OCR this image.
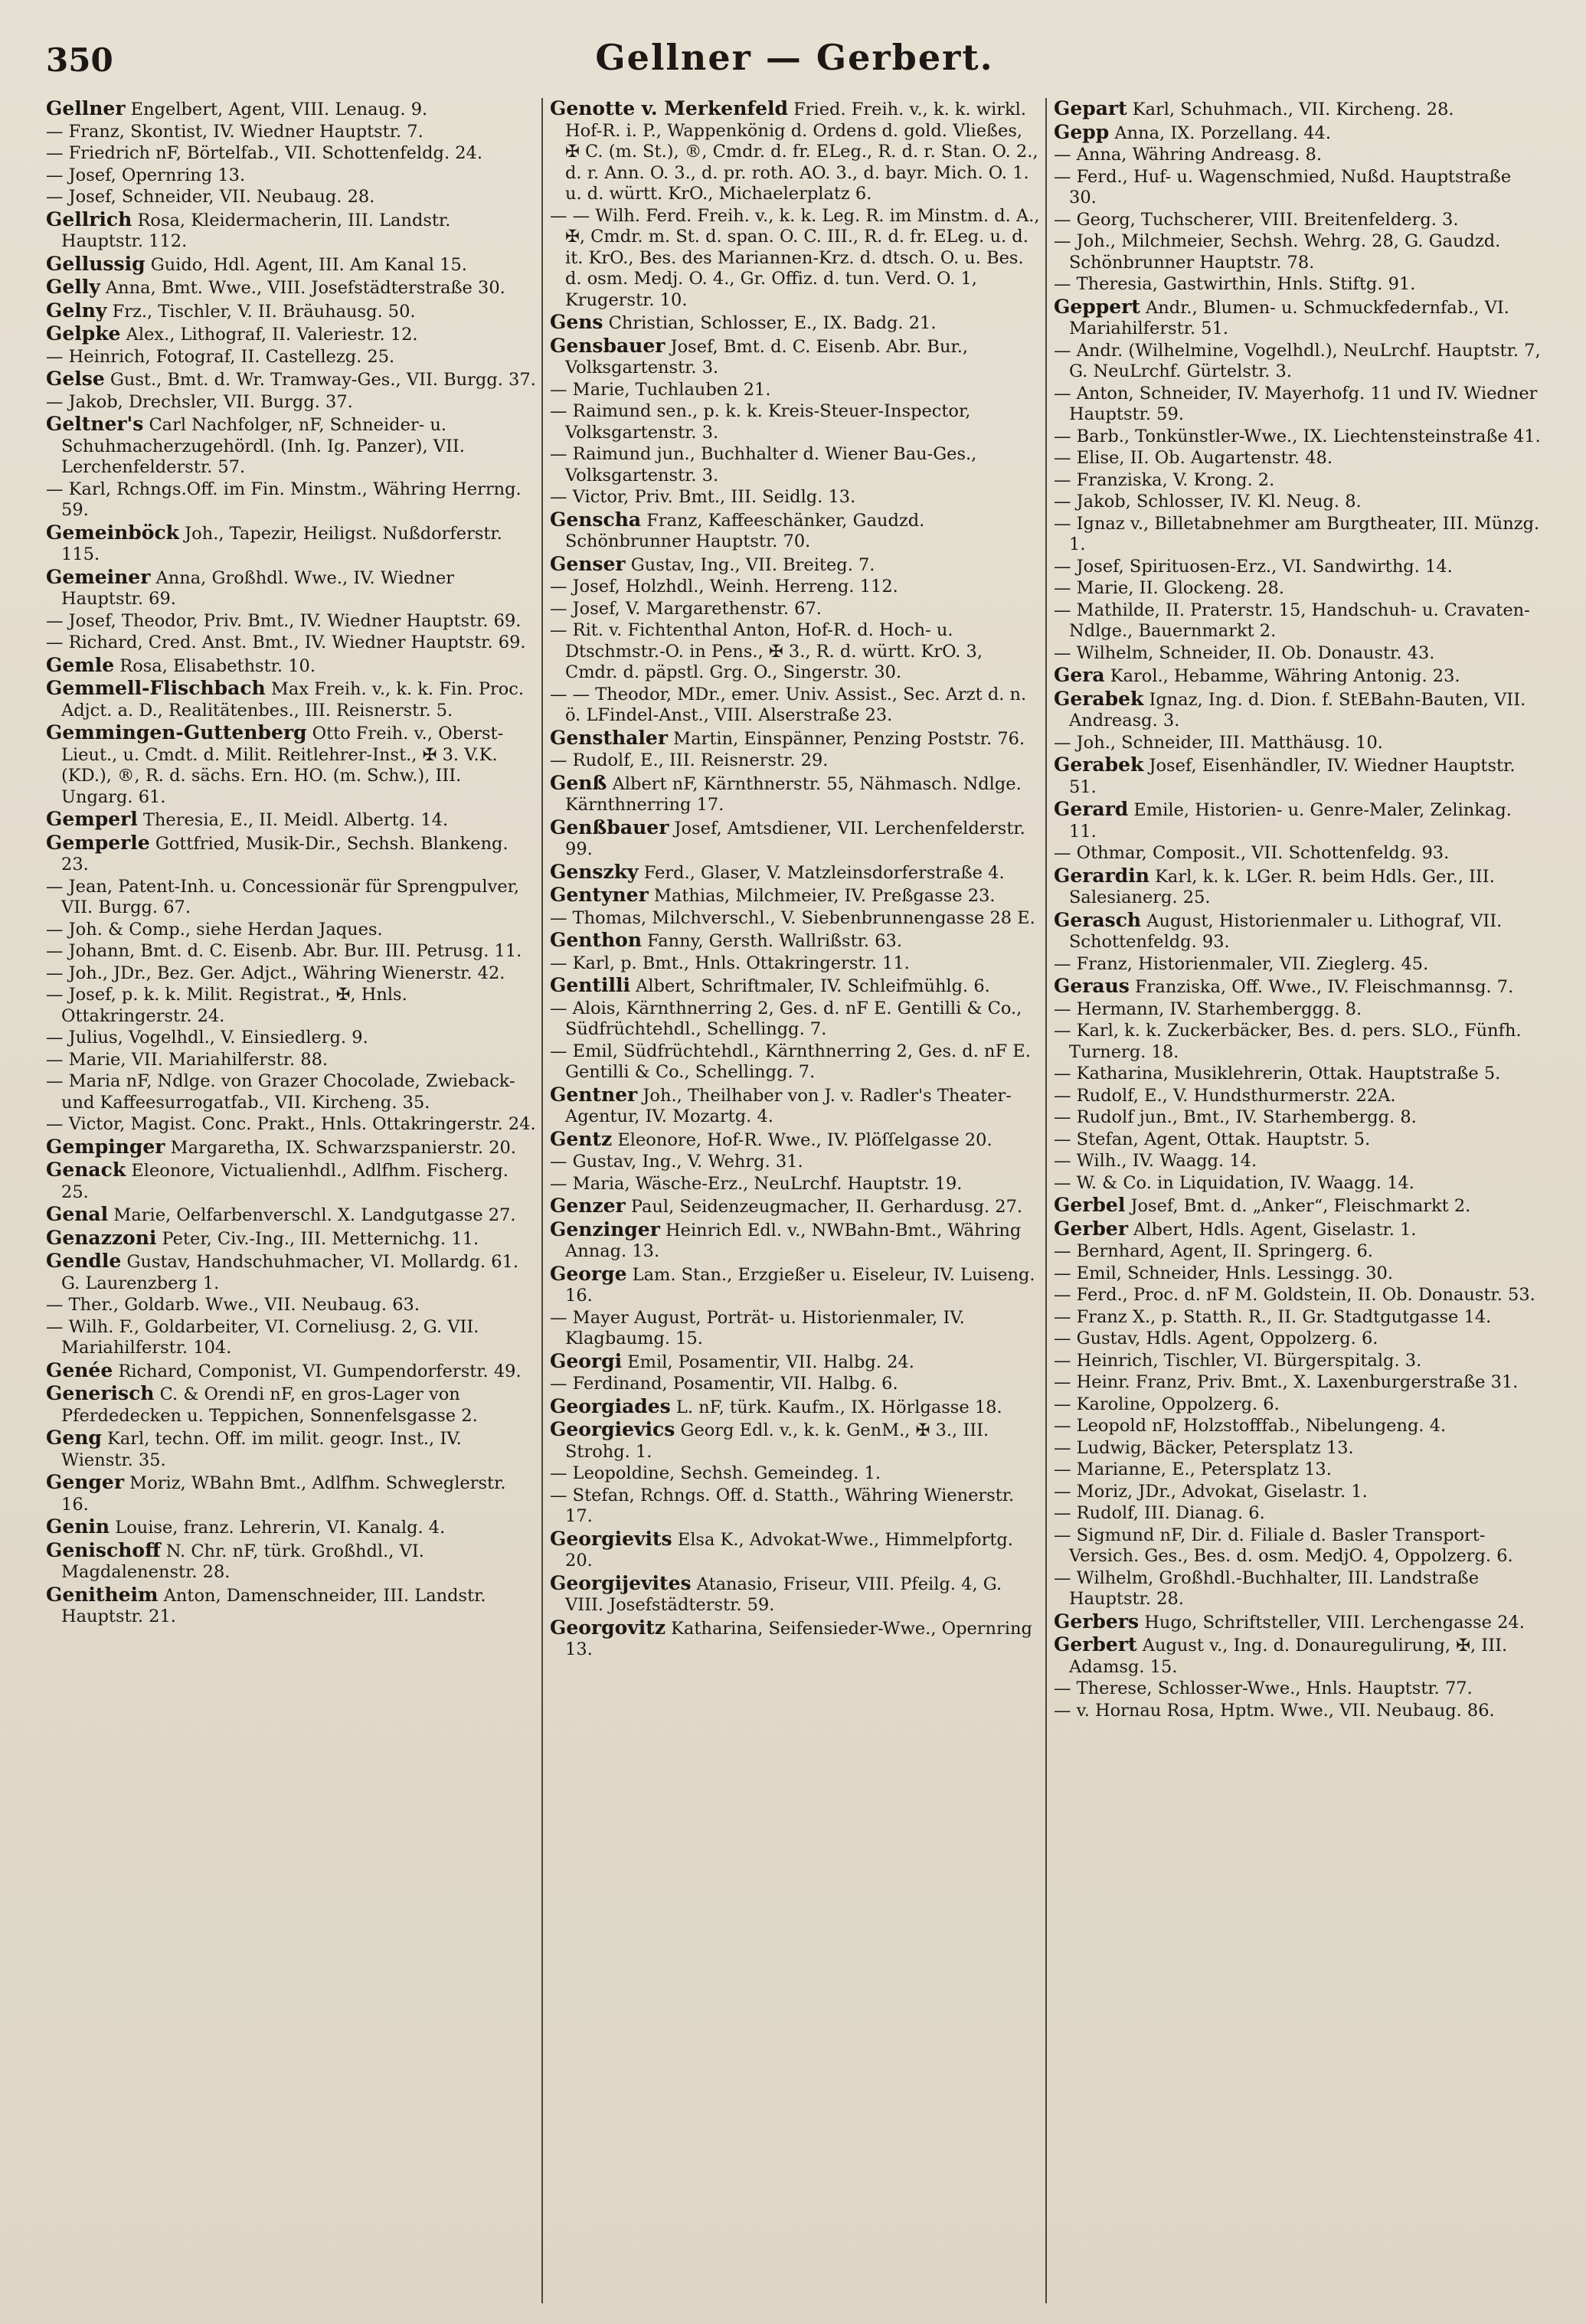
350	Gellner — Gerbert.
Gellner Engelbert, Agent, VIII. Lenaug. 9.
— Franz, Skontist, IV. Wiedner Hauptstr. 7.
— Friedrich nF, Börtelfab., VII. Schottenfeldg. 24.
— Josef, Opernring 13.
— Josef, Schneider, VII. Neubaug. 28.
Gellrich Rosa, Kleidermacherin, III. Landstr. Hauptstr. 112.
Gellussig Guido, Hdl. Agent, III. Am Kanal 15.
Gelly Anna, Bmt. Wwe., VIII. Josefstädterstraße 30.
Gelny Frz., Tischler, V. II. Bräuhausg. 50.
Gelpke Alex., Lithograf, II. Valeriestr. 12.
— Heinrich, Fotograf, II. Castellezg. 25.
Gelse Gust., Bmt. d. Wr. Tramway-Ges., VII. Burgg. 37.
— Jakob, Drechsler, VII. Burgg. 37.
Geltner's Carl Nachfolger, nF, Schneider- u. Schuhmacherzugehördl. (Inh. Ig. Panzer), VII. Lerchenfelderstr. 57.
— Karl, Rchngs.Off. im Fin. Minstm., Währing Herrng. 59.
Gemeinböck Joh., Tapezir, Heiligst. Nußdorferstr. 115.
Gemeiner Anna, Großhdl. Wwe., IV. Wiedner Hauptstr. 69.
— Josef, Theodor, Priv. Bmt., IV. Wiedner Hauptstr. 69.
— Richard, Cred. Anst. Bmt., IV. Wiedner Hauptstr. 69.
Gemle Rosa, Elisabethstr. 10.
Gemmell-Flischbach Max Freih. v., k. k. Fin. Proc. Adjct. a. D., Realitätenbes., III. Reisnerstr. 5.
Gemmingen-Guttenberg Otto Freih. v., Oberst-Lieut., u. Cmdt. d. Milit. Reitlehrer-Inst., ✠ 3. V.K. (KD.), ®, R. d. sächs. Ern. HO. (m. Schw.), III. Ungarg. 61.
Gemperl Theresia, E., II. Meidl. Albertg. 14.
Gemperle Gottfried, Musik-Dir., Sechsh. Blankeng. 23.
— Jean, Patent-Inh. u. Concessionär für Sprengpulver, VII. Burgg. 67.
— Joh. & Comp., siehe Herdan Jaques.
— Johann, Bmt. d. C. Eisenb. Abr. Bur. III. Petrusg. 11.
— Joh., JDr., Bez. Ger. Adjct., Währing Wienerstr. 42.
— Josef, p. k. k. Milit. Registrat., ✠, Hnls. Ottakringerstr. 24.
— Julius, Vogelhdl., V. Einsiedlerg. 9.
— Marie, VII. Mariahilferstr. 88.
— Maria nF, Ndlge. von Grazer Chocolade, Zwieback- und Kaffeesurrogatfab., VII. Kircheng. 35.
— Victor, Magist. Conc. Prakt., Hnls. Ottakringerstr. 24.
Gempinger Margaretha, IX. Schwarzspanierstr. 20.
Genack Eleonore, Victualienhdl., Adlfhm. Fischerg. 25.
Genal Marie, Oelfarbenverschl. X. Landgutgasse 27.
Genazzoni Peter, Civ.-Ing., III. Metternichg. 11.
Gendle Gustav, Handschuhmacher, VI. Mollardg. 61. G. Laurenzberg 1.
— Ther., Goldarb. Wwe., VII. Neubaug. 63.
— Wilh. F., Goldarbeiter, VI. Corneliusg. 2, G. VII. Mariahilferstr. 104.
Genée Richard, Componist, VI. Gumpendorferstr. 49.
Generisch C. & Orendi nF, en gros-Lager von Pferdedecken u. Teppichen, Sonnenfelsgasse 2.
Geng Karl, techn. Off. im milit. geogr. Inst., IV. Wienstr. 35.
Genger Moriz, WBahn Bmt., Adlfhm. Schweglerstr. 16.
Genin Louise, franz. Lehrerin, VI. Kanalg. 4.
Genischoff N. Chr. nF, türk. Großhdl., VI. Magdalenenstr. 28.
Genitheim Anton, Damenschneider, III. Landstr. Hauptstr. 21.
Genotte v. Merkenfeld Fried. Freih. v., k. k. wirkl. Hof-R. i. P., Wappenkönig d. Ordens d. gold. Vließes, ✠ C. (m. St.), ®, Cmdr. d. fr. ELeg., R. d. r. Stan. O. 2., d. r. Ann. O. 3., d. pr. roth. AO. 3., d. bayr. Mich. O. 1. u. d. württ. KrO., Michaelerplatz 6.
— — Wilh. Ferd. Freih. v., k. k. Leg. R. im Minstm. d. A., ✠, Cmdr. m. St. d. span. O. C. III., R. d. fr. ELeg. u. d. it. KrO., Bes. des Mariannen-Krz. d. dtsch. O. u. Bes. d. osm. Medj. O. 4., Gr. Offiz. d. tun. Verd. O. 1, Krugerstr. 10.
Gens Christian, Schlosser, E., IX. Badg. 21.
Gensbauer Josef, Bmt. d. C. Eisenb. Abr. Bur., Volksgartenstr. 3.
— Marie, Tuchlauben 21.
— Raimund sen., p. k. k. Kreis-Steuer-Inspector, Volksgartenstr. 3.
— Raimund jun., Buchhalter d. Wiener Bau-Ges., Volksgartenstr. 3.
— Victor, Priv. Bmt., III. Seidlg. 13.
Genscha Franz, Kaffeeschänker, Gaudzd. Schönbrunner Hauptstr. 70.
Genser Gustav, Ing., VII. Breiteg. 7.
— Josef, Holzhdl., Weinh. Herreng. 112.
— Josef, V. Margarethenstr. 67.
— Rit. v. Fichtenthal Anton, Hof-R. d. Hoch- u. Dtschmstr.-O. in Pens., ✠ 3., R. d. württ. KrO. 3, Cmdr. d. päpstl. Grg. O., Singerstr. 30.
— — Theodor, MDr., emer. Univ. Assist., Sec. Arzt d. n. ö. LFindel-Anst., VIII. Alserstraße 23.
Gensthaler Martin, Einspänner, Penzing Poststr. 76.
— Rudolf, E., III. Reisnerstr. 29.
Genß Albert nF, Kärnthnerstr. 55, Nähmasch. Ndlge. Kärnthnerring 17.
Genßbauer Josef, Amtsdiener, VII. Lerchenfelderstr. 99.
Genszky Ferd., Glaser, V. Matzleinsdorferstraße 4.
Gentyner Mathias, Milchmeier, IV. Preßgasse 23.
— Thomas, Milchverschl., V. Siebenbrunnengasse 28 E.
Genthon Fanny, Gersth. Wallrißstr. 63.
— Karl, p. Bmt., Hnls. Ottakringerstr. 11.
Gentilli Albert, Schriftmaler, IV. Schleifmühlg. 6.
— Alois, Kärnthnerring 2, Ges. d. nF E. Gentilli & Co., Südfrüchtehdl., Schellingg. 7.
— Emil, Südfrüchtehdl., Kärnthnerring 2, Ges. d. nF E. Gentilli & Co., Schellingg. 7.
Gentner Joh., Theilhaber von J. v. Radler's Theater-Agentur, IV. Mozartg. 4.
Gentz Eleonore, Hof-R. Wwe., IV. Plöſſelgasse 20.
— Gustav, Ing., V. Wehrg. 31.
— Maria, Wäsche-Erz., NeuLrchf. Hauptstr. 19.
Genzer Paul, Seidenzeugmacher, II. Gerhardusg. 27.
Genzinger Heinrich Edl. v., NWBahn-Bmt., Währing Annag. 13.
George Lam. Stan., Erzgießer u. Eiseleur, IV. Luiseng. 16.
— Mayer August, Porträt- u. Historienmaler, IV. Klagbaumg. 15.
Georgi Emil, Posamentir, VII. Halbg. 24.
— Ferdinand, Posamentir, VII. Halbg. 6.
Georgiades L. nF, türk. Kaufm., IX. Hörlgasse 18.
Georgievics Georg Edl. v., k. k. GenM., ✠ 3., III. Strohg. 1.
— Leopoldine, Sechsh. Gemeindeg. 1.
— Stefan, Rchngs. Off. d. Statth., Währing Wienerstr. 17.
Georgievits Elsa K., Advokat-Wwe., Himmelpfortg. 20.
Georgijevites Atanasio, Friseur, VIII. Pfeilg. 4, G. VIII. Josefstädterstr. 59.
Georgovitz Katharina, Seifensieder-Wwe., Opernring 13.
Gepart Karl, Schuhmach., VII. Kircheng. 28.
Gepp Anna, IX. Porzellang. 44.
— Anna, Währing Andreasg. 8.
— Ferd., Huf- u. Wagenschmied, Nußd. Hauptstraße 30.
— Georg, Tuchscherer, VIII. Breitenfelderg. 3.
— Joh., Milchmeier, Sechsh. Wehrg. 28, G. Gaudzd. Schönbrunner Hauptstr. 78.
— Theresia, Gastwirthin, Hnls. Stiftg. 91.
Geppert Andr., Blumen- u. Schmuckfedernfab., VI. Mariahilferstr. 51.
— Andr. (Wilhelmine, Vogelhdl.), NeuLrchf. Hauptstr. 7, G. NeuLrchf. Gürtelstr. 3.
— Anton, Schneider, IV. Mayerhofg. 11 und IV. Wiedner Hauptstr. 59.
— Barb., Tonkünstler-Wwe., IX. Liechtensteinstraße 41.
— Elise, II. Ob. Augartenstr. 48.
— Franziska, V. Krong. 2.
— Jakob, Schlosser, IV. Kl. Neug. 8.
— Ignaz v., Billetabnehmer am Burgtheater, III. Münzg. 1.
— Josef, Spirituosen-Erz., VI. Sandwirthg. 14.
— Marie, II. Glockeng. 28.
— Mathilde, II. Praterstr. 15, Handschuh- u. Cravaten-Ndlge., Bauernmarkt 2.
— Wilhelm, Schneider, II. Ob. Donaustr. 43.
Gera Karol., Hebamme, Währing Antonig. 23.
Gerabek Ignaz, Ing. d. Dion. f. StEBahn-Bauten, VII. Andreasg. 3.
— Joh., Schneider, III. Matthäusg. 10.
Gerabek Josef, Eisenhändler, IV. Wiedner Hauptstr. 51.
Gerard Emile, Historien- u. Genre-Maler, Zelinkag. 11.
— Othmar, Composit., VII. Schottenfeldg. 93.
Gerardin Karl, k. k. LGer. R. beim Hdls. Ger., III. Salesianerg. 25.
Gerasch August, Historienmaler u. Lithograf, VII. Schottenfeldg. 93.
— Franz, Historienmaler, VII. Zieglerg. 45.
Geraus Franziska, Off. Wwe., IV. Fleischmannsg. 7.
— Hermann, IV. Starhemberggg. 8.
— Karl, k. k. Zuckerbäcker, Bes. d. pers. SLO., Fünfh. Turnerg. 18.
— Katharina, Musiklehrerin, Ottak. Hauptstraße 5.
— Rudolf, E., V. Hundsthurmerstr. 22A.
— Rudolf jun., Bmt., IV. Starhembergg. 8.
— Stefan, Agent, Ottak. Hauptstr. 5.
— Wilh., IV. Waagg. 14.
— W. & Co. in Liquidation, IV. Waagg. 14.
Gerbel Josef, Bmt. d. „Anker“, Fleischmarkt 2.
Gerber Albert, Hdls. Agent, Giselastr. 1.
— Bernhard, Agent, II. Springerg. 6.
— Emil, Schneider, Hnls. Lessingg. 30.
— Ferd., Proc. d. nF M. Goldstein, II. Ob. Donaustr. 53.
— Franz X., p. Statth. R., II. Gr. Stadtgutgasse 14.
— Gustav, Hdls. Agent, Oppolzerg. 6.
— Heinrich, Tischler, VI. Bürgerspitalg. 3.
— Heinr. Franz, Priv. Bmt., X. Laxenburgerstraße 31.
— Karoline, Oppolzerg. 6.
— Leopold nF, Holzstofffab., Nibelungeng. 4.
— Ludwig, Bäcker, Petersplatz 13.
— Marianne, E., Petersplatz 13.
— Moriz, JDr., Advokat, Giselastr. 1.
— Rudolf, III. Dianag. 6.
— Sigmund nF, Dir. d. Filiale d. Basler Transport-Versich. Ges., Bes. d. osm. MedjO. 4, Oppolzerg. 6.
— Wilhelm, Großhdl.-Buchhalter, III. Landstraße Hauptstr. 28.
Gerbers Hugo, Schriftsteller, VIII. Lerchengasse 24.
Gerbert August v., Ing. d. Donauregulirung, ✠, III. Adamsg. 15.
— Therese, Schlosser-Wwe., Hnls. Hauptstr. 77.
— v. Hornau Rosa, Hptm. Wwe., VII. Neubaug. 86.
